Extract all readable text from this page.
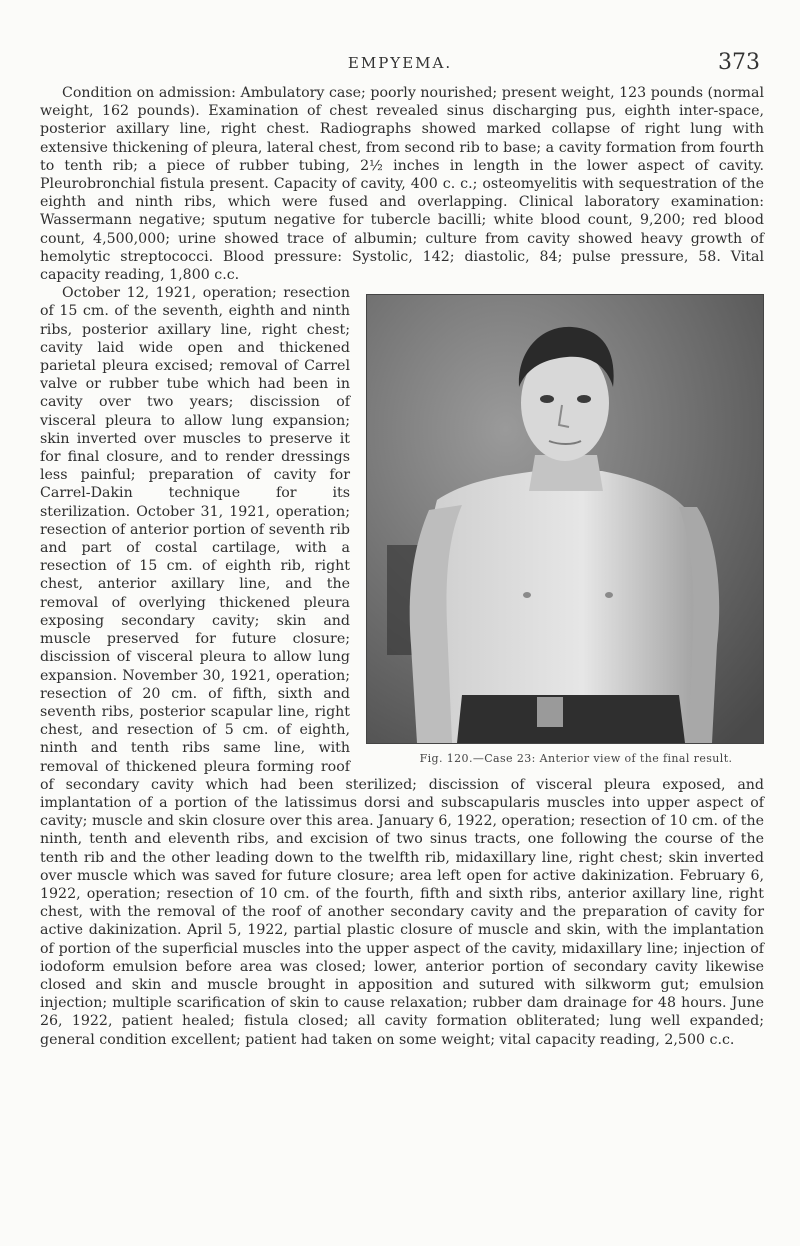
EMPYEMA.	373

Condition on admission: Ambulatory case; poorly nourished; present weight, 123 pounds (normal weight, 162 pounds). Examination of chest revealed sinus discharging pus, eighth inter-space, posterior axillary line, right chest. Radiographs showed marked collapse of right lung with extensive thickening of pleura, lateral chest, from second rib to base; a cavity formation from fourth to tenth rib; a piece of rubber tubing, 2½ inches in length in the lower aspect of cavity. Pleurobronchial fistula present. Capacity of cavity, 400 c. c.; osteomyelitis with sequestration of the eighth and ninth ribs, which were fused and overlapping. Clinical laboratory examination: Wassermann negative; sputum negative for tubercle bacilli; white blood count, 9,200; red blood count, 4,500,000; urine showed trace of albumin; culture from cavity showed heavy growth of hemolytic streptococci. Blood pressure: Systolic, 142; diastolic, 84; pulse pressure, 58. Vital capacity reading, 1,800 c.c.

Fig. 120.—Case 23: Anterior view of the final result.
October 12, 1921, operation; resection of 15 cm. of the seventh, eighth and ninth ribs, posterior axillary line, right chest; cavity laid wide open and thickened parietal pleura excised; removal of Carrel valve or rubber tube which had been in cavity over two years; discission of visceral pleura to allow lung expansion; skin inverted over muscles to preserve it for final closure, and to render dressings less painful; preparation of cavity for Carrel-Dakin technique for its sterilization. October 31, 1921, operation; resection of anterior portion of seventh rib and part of costal cartilage, with a resection of 15 cm. of eighth rib, right chest, anterior axillary line, and the removal of overlying thickened pleura exposing secondary cavity; skin and muscle preserved for future closure; discission of visceral pleura to allow lung expansion. November 30, 1921, operation; resection of 20 cm. of fifth, sixth and seventh ribs, posterior scapular line, right chest, and resection of 5 cm. of eighth, ninth and tenth ribs same line, with removal of thickened pleura forming roof of secondary cavity which had been sterilized; discission of visceral pleura exposed, and implantation of a portion of the latissimus dorsi and subscapularis muscles into upper aspect of cavity; muscle and skin closure over this area. January 6, 1922, operation; resection of 10 cm. of the ninth, tenth and eleventh ribs, and excision of two sinus tracts, one following the course of the tenth rib and the other leading down to the twelfth rib, midaxillary line, right chest; skin inverted over muscle which was saved for future closure; area left open for active dakinization. February 6, 1922, operation; resection of 10 cm. of the fourth, fifth and sixth ribs, anterior axillary line, right chest, with the removal of the roof of another secondary cavity and the preparation of cavity for active dakinization. April 5, 1922, partial plastic closure of muscle and skin, with the implantation of portion of the superficial muscles into the upper aspect of the cavity, midaxillary line; injection of iodoform emulsion before area was closed; lower, anterior portion of secondary cavity likewise closed and skin and muscle brought in apposition and sutured with silkworm gut; emulsion injection; multiple scarification of skin to cause relaxation; rubber dam drainage for 48 hours. June 26, 1922, patient healed; fistula closed; all cavity formation obliterated; lung well expanded; general condition excellent; patient had taken on some weight; vital capacity reading, 2,500 c.c.
